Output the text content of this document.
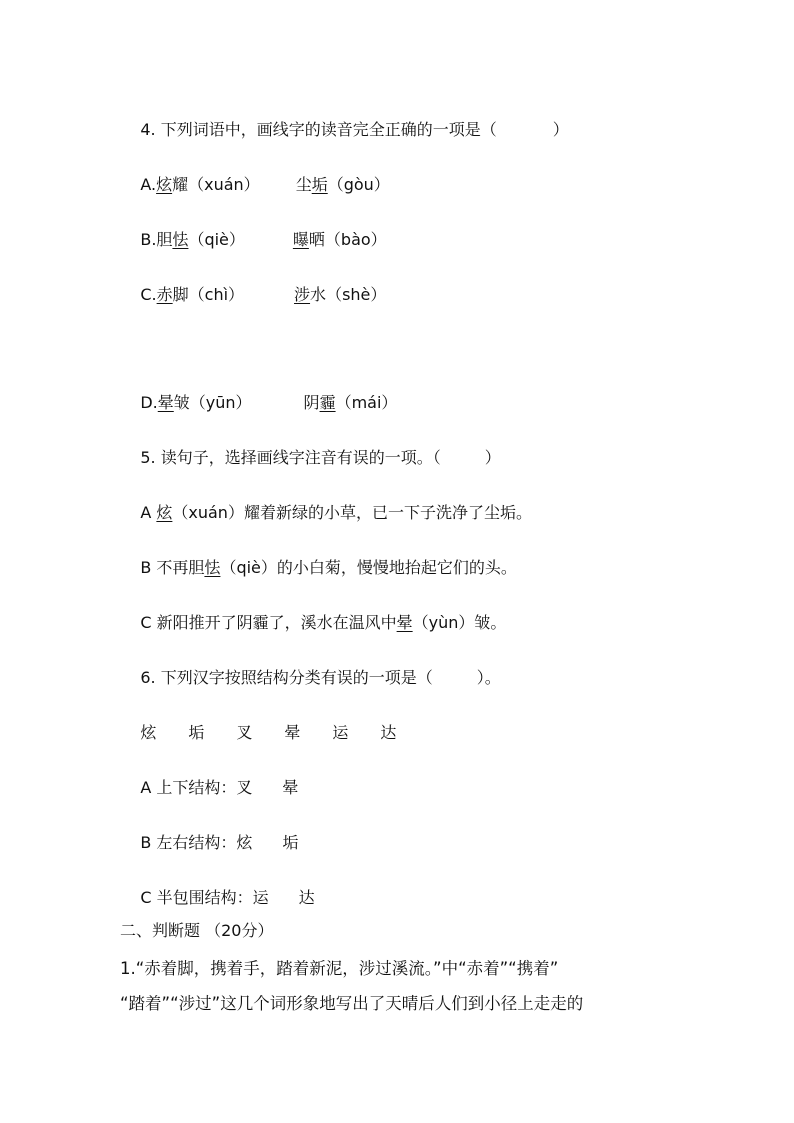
4. 下列词语中，画线字的读音完全正确的一项是（	）

A.炫耀（xuán） 尘垢（gòu）

B.胆怯（qiè）	曝晒（bào）

C.赤脚（chì）	涉水（shè）

D.晕皱（yūn）	阴霾（mái）

5. 读句子，选择画线字注音有误的一项。（	）

A 炫（xuán）耀着新绿的小草，已一下子洗净了尘垢。

B 不再胆怯（qiè）的小白菊，慢慢地抬起它们的头。

C 新阳推开了阴霾了，溪水在温风中晕（yùn）皱。

6. 下列汉字按照结构分类有误的一项是（	）。

炫 垢 叉 晕 运 达

A 上下结构：叉 晕

B 左右结构：炫 垢

C 半包围结构：运 达

二、判断题 （20分）
1.“赤着脚，携着手，踏着新泥，涉过溪流。”中“赤着”“携着”
“踏着”“涉过”这几个词形象地写出了天晴后人们到小径上走走的
